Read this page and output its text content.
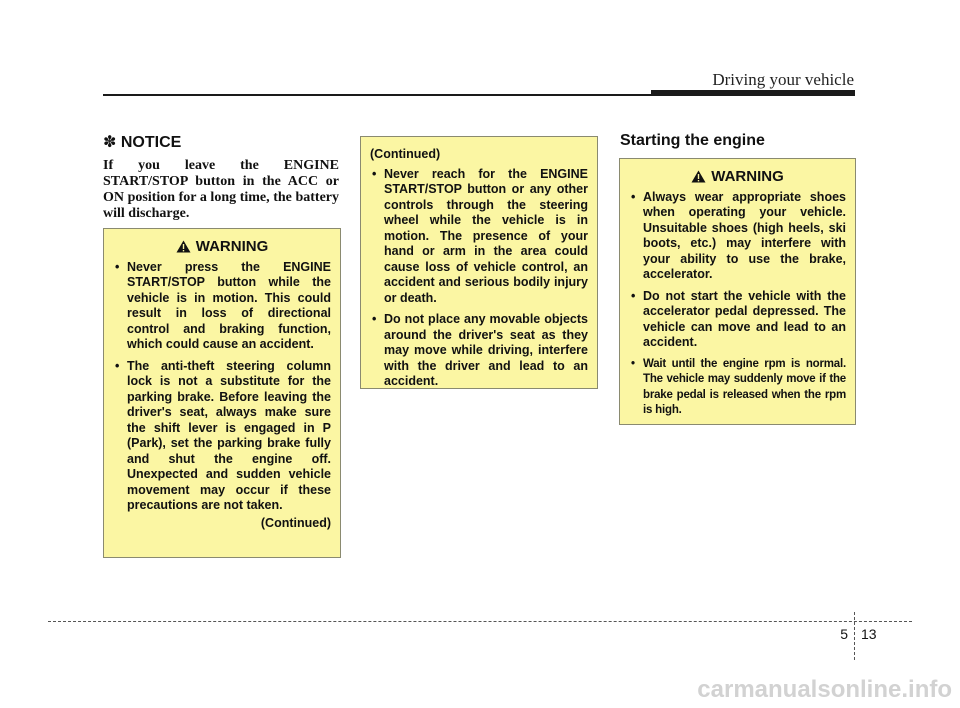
Driving your vehicle
✽ NOTICE

If you leave the ENGINE START/STOP button in the ACC or ON position for a long time, the battery will discharge.

WARNING
• Never press the ENGINE START/STOP button while the vehicle is in motion. This could result in loss of directional control and braking function, which could cause an accident.
• The anti-theft steering column lock is not a substitute for the parking brake. Before leaving the driver's seat, always make sure the shift lever is engaged in P (Park), set the parking brake fully and shut the engine off. Unexpected and sudden vehicle movement may occur if these precautions are not taken.
(Continued)
(Continued)
• Never reach for the ENGINE START/STOP button or any other controls through the steering wheel while the vehicle is in motion. The presence of your hand or arm in the area could cause loss of vehicle control, an accident and serious bodily injury or death.
• Do not place any movable objects around the driver's seat as they may move while driving, interfere with the driver and lead to an accident.
Starting the engine
WARNING
• Always wear appropriate shoes when operating your vehicle. Unsuitable shoes (high heels, ski boots, etc.) may interfere with your ability to use the brake, accelerator.
• Do not start the vehicle with the accelerator pedal depressed. The vehicle can move and lead to an accident.
• Wait until the engine rpm is normal. The vehicle may suddenly move if the brake pedal is released when the rpm is high.
5 13
carmanualsonline.info
